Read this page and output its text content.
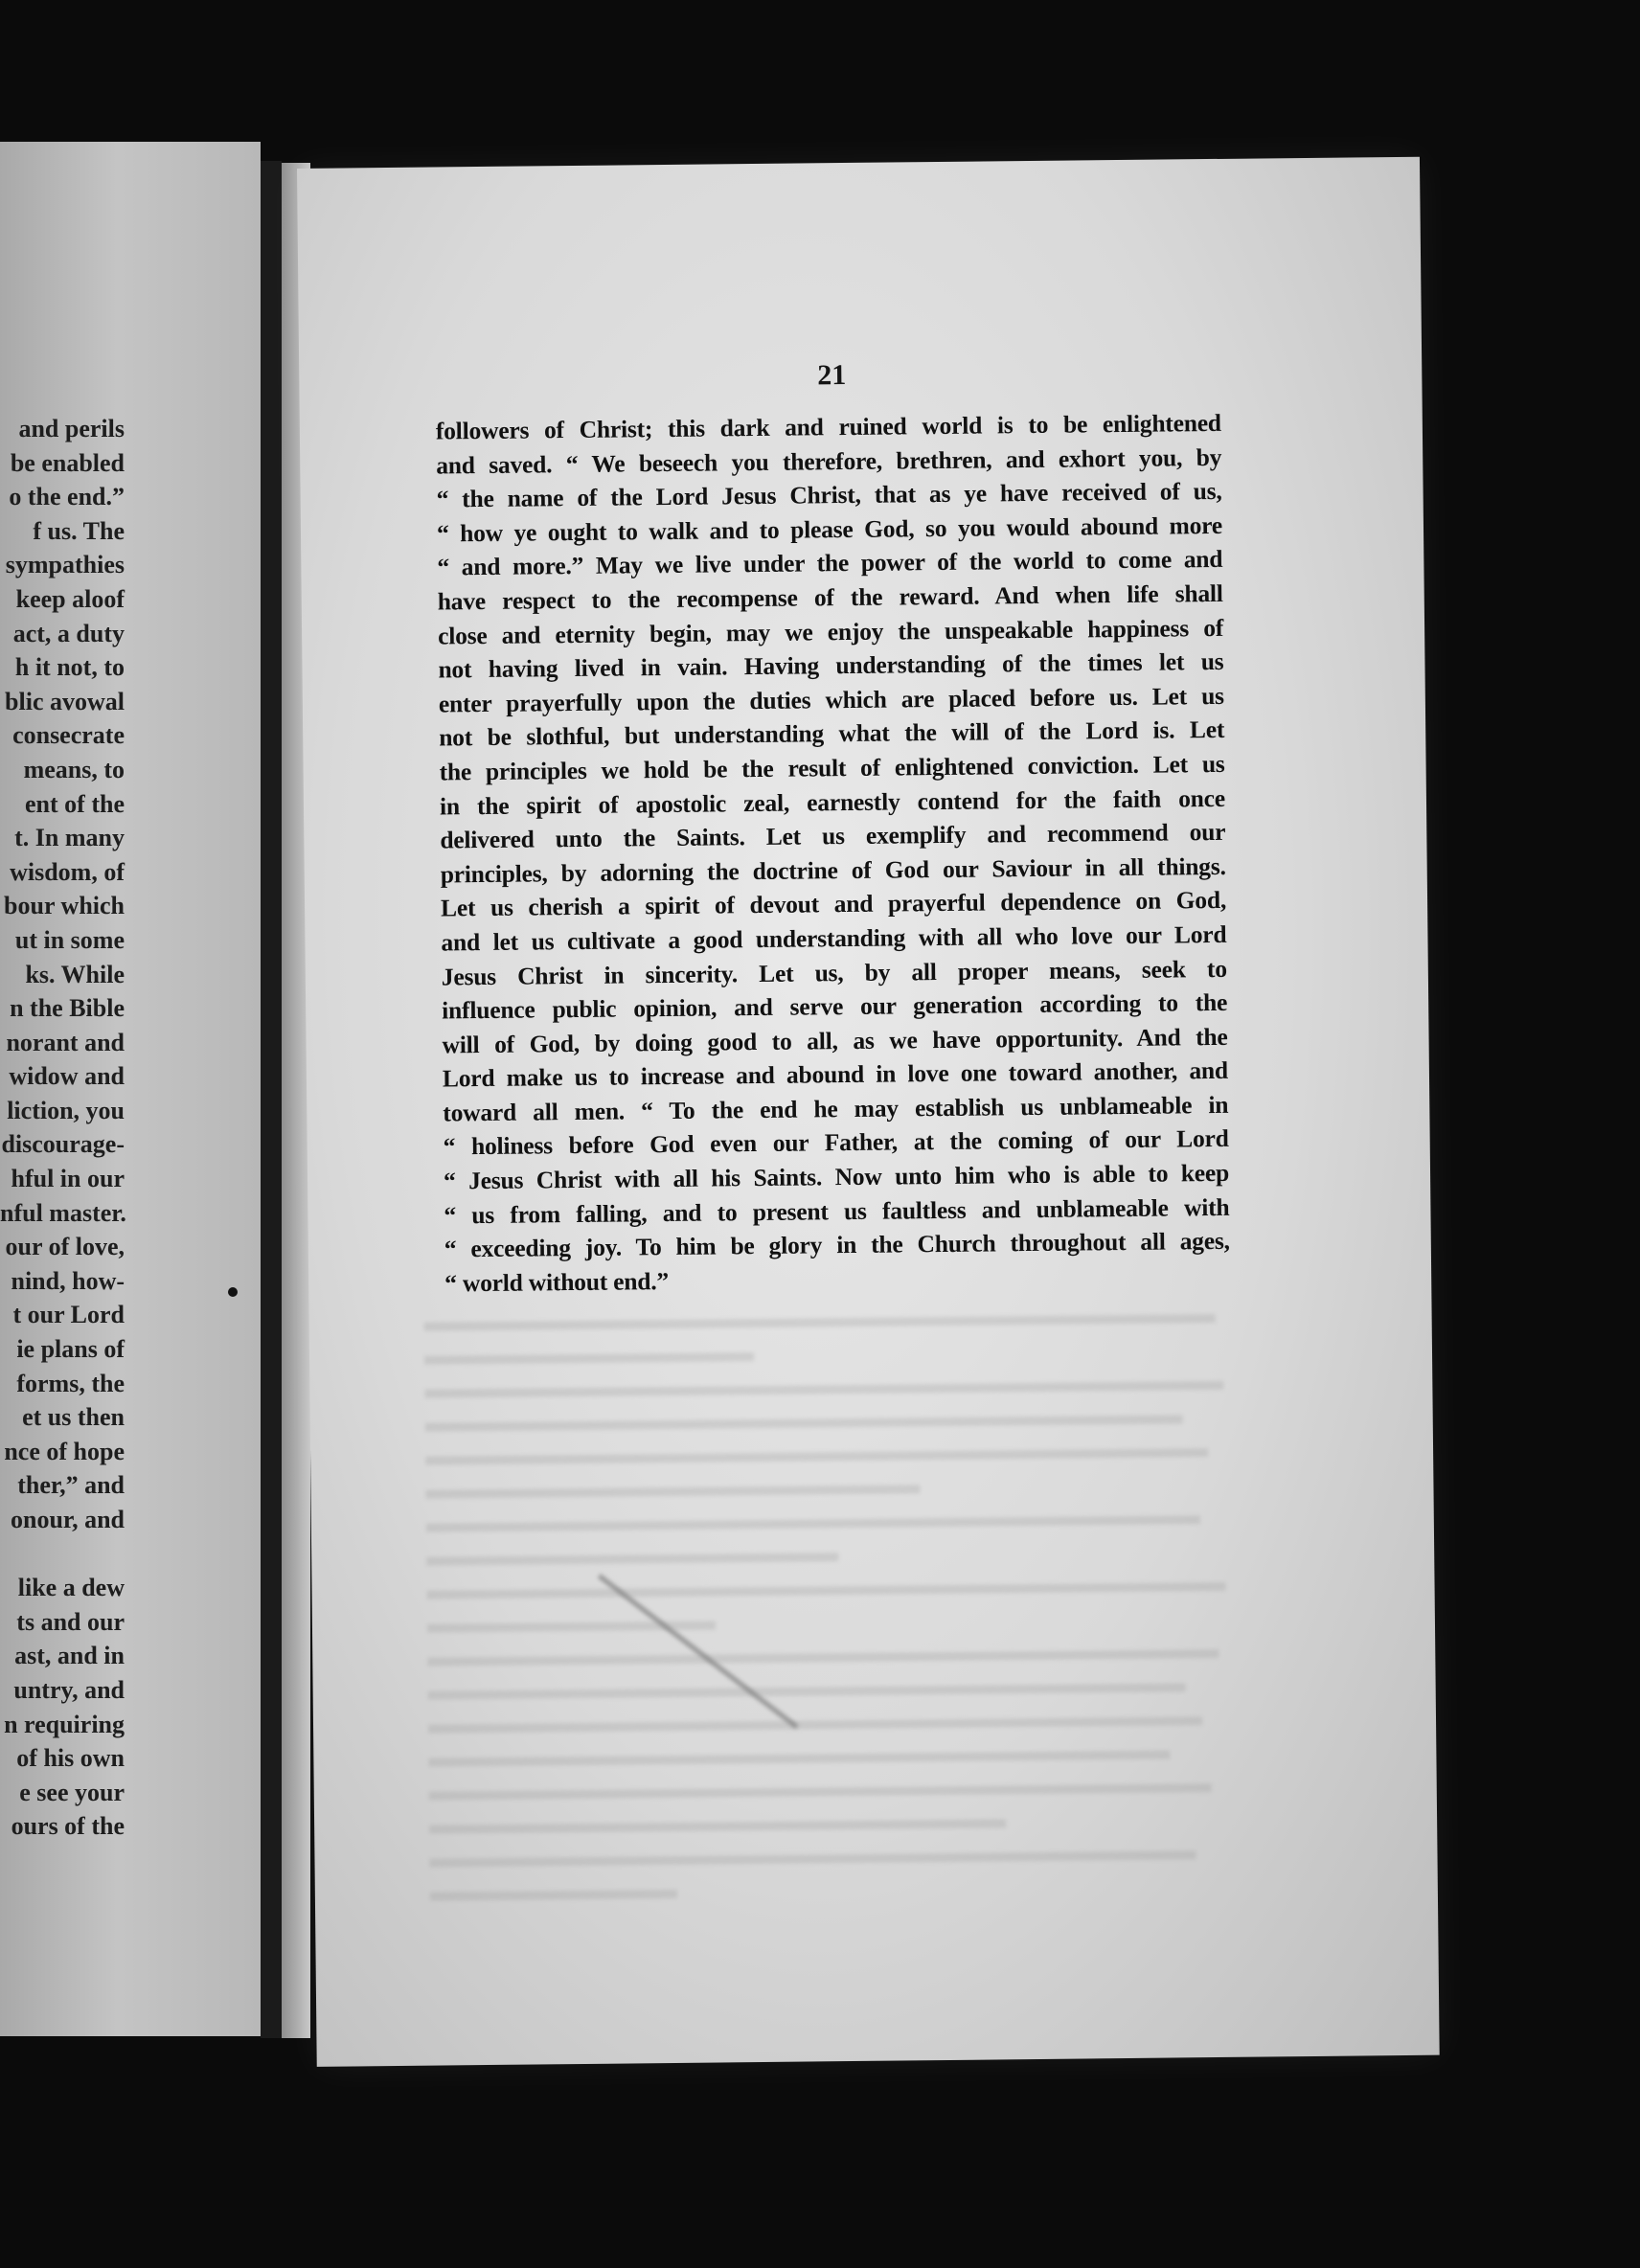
and perils
be enabled
o the end.”
f us. The
sympathies
keep aloof
act, a duty
h it not, to
blic avowal
consecrate
means, to
ent of the
t. In many
wisdom, of
bour which
ut in some
ks. While
n the Bible
norant and
widow and
liction, you
discourage-
hful in our
nful master.
our of love,
nind, how-
t our Lord
ie plans of
forms, the
et us then
nce of hope
ther,” and
onour, and
like a dew
ts and our
ast, and in
untry, and
n requiring
of his own
e see your
ours of the
21
followers of Christ; this dark and ruined world is to be enlightened
and saved. “ We beseech you therefore, brethren, and exhort you, by
“ the name of the Lord Jesus Christ, that as ye have received of us,
“ how ye ought to walk and to please God, so you would abound more
“ and more.” May we live under the power of the world to come and
have respect to the recompense of the reward. And when life shall
close and eternity begin, may we enjoy the unspeakable happiness of
not having lived in vain. Having understanding of the times let us
enter prayerfully upon the duties which are placed before us. Let us
not be slothful, but understanding what the will of the Lord is. Let
the principles we hold be the result of enlightened conviction. Let us
in the spirit of apostolic zeal, earnestly contend for the faith once
delivered unto the Saints. Let us exemplify and recommend our
principles, by adorning the doctrine of God our Saviour in all things.
Let us cherish a spirit of devout and prayerful dependence on God,
and let us cultivate a good understanding with all who love our Lord
Jesus Christ in sincerity. Let us, by all proper means, seek to
influence public opinion, and serve our generation according to the
will of God, by doing good to all, as we have opportunity. And the
Lord make us to increase and abound in love one toward another, and
toward all men. “ To the end he may establish us unblameable in
“ holiness before God even our Father, at the coming of our Lord
“ Jesus Christ with all his Saints. Now unto him who is able to keep
“ us from falling, and to present us faultless and unblameable with
“ exceeding joy. To him be glory in the Church throughout all ages,
“ world without end.”
